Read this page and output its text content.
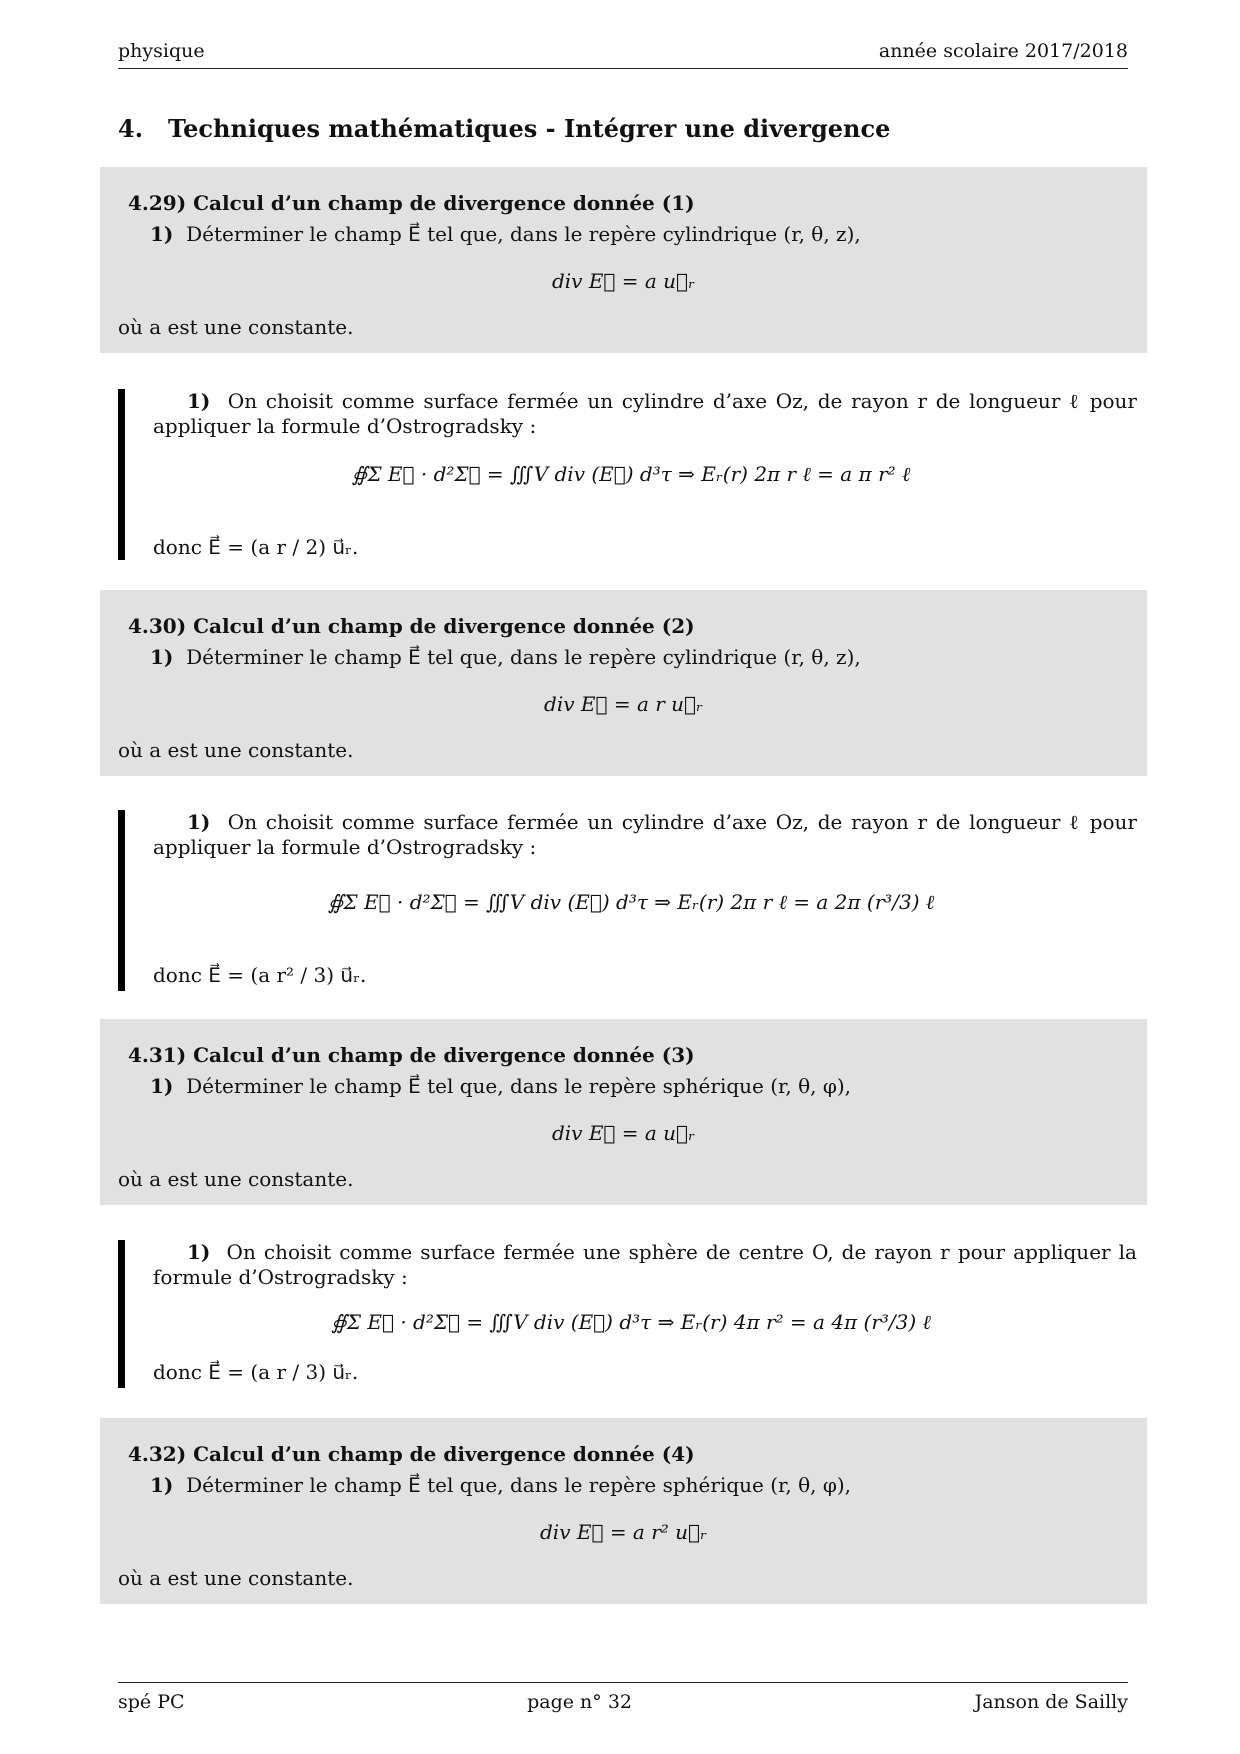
physique	année scolaire 2017/2018
4. Techniques mathématiques - Intégrer une divergence
4.29) Calcul d’un champ de divergence donnée (1)
1) Déterminer le champ E⃗ tel que, dans le repère cylindrique (r, θ, z),
div E⃗ = a u⃗ᵣ
où a est une constante.
1) On choisit comme surface fermée un cylindre d’axe Oz, de rayon r de longueur ℓ pour appliquer la formule d’Ostrogradsky :
∯Σ E⃗ · d²Σ⃗ = ∭V div (E⃗) d³τ ⇒ Eᵣ(r) 2π r ℓ = a π r² ℓ
donc E⃗ = (a r / 2) u⃗ᵣ.
4.30) Calcul d’un champ de divergence donnée (2)
1) Déterminer le champ E⃗ tel que, dans le repère cylindrique (r, θ, z),
div E⃗ = a r u⃗ᵣ
où a est une constante.
1) On choisit comme surface fermée un cylindre d’axe Oz, de rayon r de longueur ℓ pour appliquer la formule d’Ostrogradsky :
∯Σ E⃗ · d²Σ⃗ = ∭V div (E⃗) d³τ ⇒ Eᵣ(r) 2π r ℓ = a 2π (r³/3) ℓ
donc E⃗ = (a r² / 3) u⃗ᵣ.
4.31) Calcul d’un champ de divergence donnée (3)
1) Déterminer le champ E⃗ tel que, dans le repère sphérique (r, θ, φ),
div E⃗ = a u⃗ᵣ
où a est une constante.
1) On choisit comme surface fermée une sphère de centre O, de rayon r pour appliquer la formule d’Ostrogradsky :
∯Σ E⃗ · d²Σ⃗ = ∭V div (E⃗) d³τ ⇒ Eᵣ(r) 4π r² = a 4π (r³/3) ℓ
donc E⃗ = (a r / 3) u⃗ᵣ.
4.32) Calcul d’un champ de divergence donnée (4)
1) Déterminer le champ E⃗ tel que, dans le repère sphérique (r, θ, φ),
div E⃗ = a r² u⃗ᵣ
où a est une constante.
spé PC	page n° 32	Janson de Sailly
